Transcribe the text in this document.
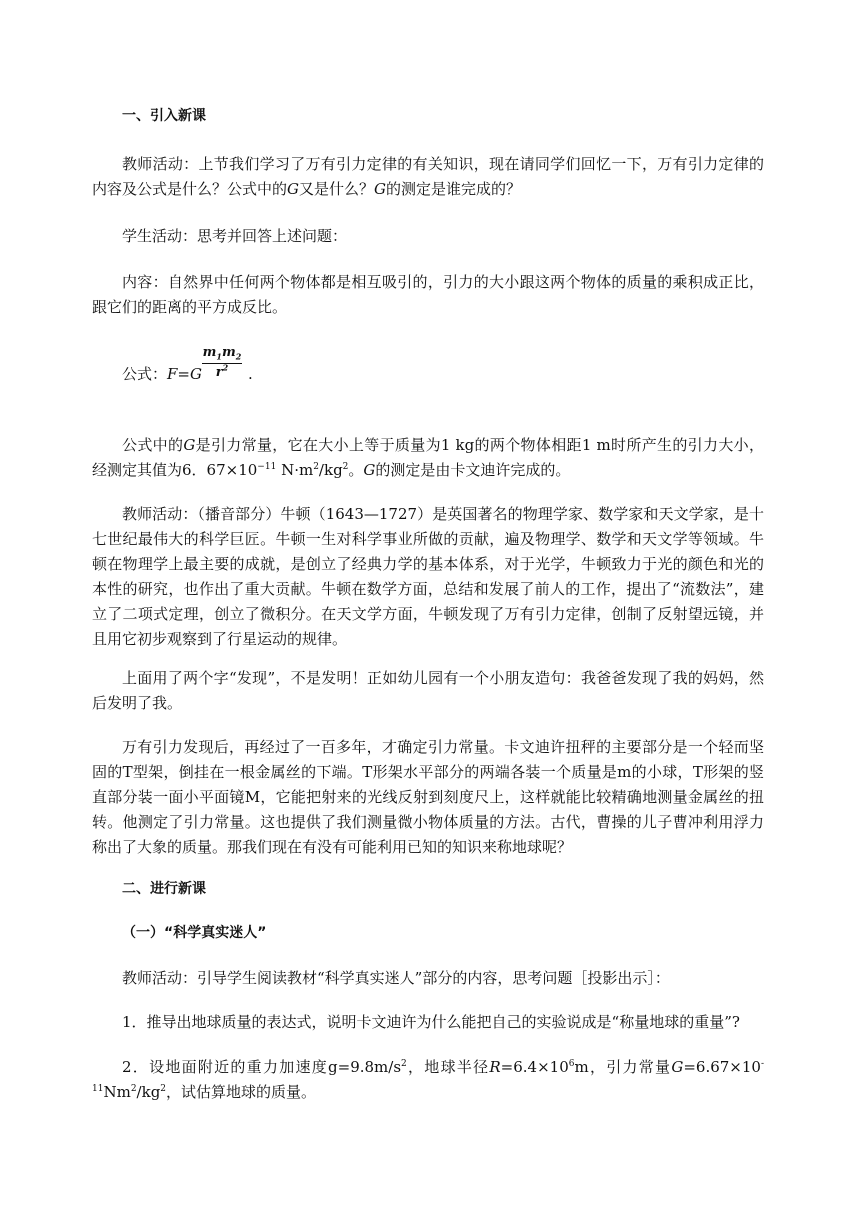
一、引入新课

教师活动：上节我们学习了万有引力定律的有关知识，现在请同学们回忆一下，万有引力定律的内容及公式是什么？公式中的G又是什么？G的测定是谁完成的？

学生活动：思考并回答上述问题：

内容：自然界中任何两个物体都是相互吸引的，引力的大小跟这两个物体的质量的乘积成正比，跟它们的距离的平方成反比。

$\frac{m_1m_2}{r^2}$
公式：F=G	.

公式中的G是引力常量，它在大小上等于质量为1 kg的两个物体相距1 m时所产生的引力大小，经测定其值为6．$67\times 10^{-11}$ $N\cdot m^2/kg^2$。G的测定是由卡文迪许完成的。

教师活动：（播音部分）牛顿（1643—1727）是英国著名的物理学家、数学家和天文学家，是十七世纪最伟大的科学巨匠。牛顿一生对科学事业所做的贡献，遍及物理学、数学和天文学等领域。牛顿在物理学上最主要的成就，是创立了经典力学的基本体系，对于光学，牛顿致力于光的颜色和光的本性的研究，也作出了重大贡献。牛顿在数学方面，总结和发展了前人的工作，提出了“流数法”，建立了二项式定理，创立了微积分。在天文学方面，牛顿发现了万有引力定律，创制了反射望远镜，并且用它初步观察到了行星运动的规律。

上面用了两个字“发现”，不是发明！正如幼儿园有一个小朋友造句：我爸爸发现了我的妈妈，然后发明了我。

万有引力发现后，再经过了一百多年，才确定引力常量。卡文迪许扭秤的主要部分是一个轻而坚固的T型架，倒挂在一根金属丝的下端。T形架水平部分的两端各装一个质量是m的小球，T形架的竖直部分装一面小平面镜M，它能把射来的光线反射到刻度尺上，这样就能比较精确地测量金属丝的扭转。他测定了引力常量。这也提供了我们测量微小物体质量的方法。古代，曹操的儿子曹冲利用浮力称出了大象的质量。那我们现在有没有可能利用已知的知识来称地球呢？

二、进行新课

（一）“科学真实迷人”

教师活动：引导学生阅读教材“科学真实迷人”部分的内容，思考问题［投影出示］：

1．推导出地球质量的表达式，说明卡文迪许为什么能把自己的实验说成是“称量地球的重量”?

2．设地面附近的重力加速度$g=9.8m/s^2$，地球半径$R=6.4\times 10^6m$，引力常量$G=6.67\times 10^{-11}Nm^2/kg^2$，试估算地球的质量。
